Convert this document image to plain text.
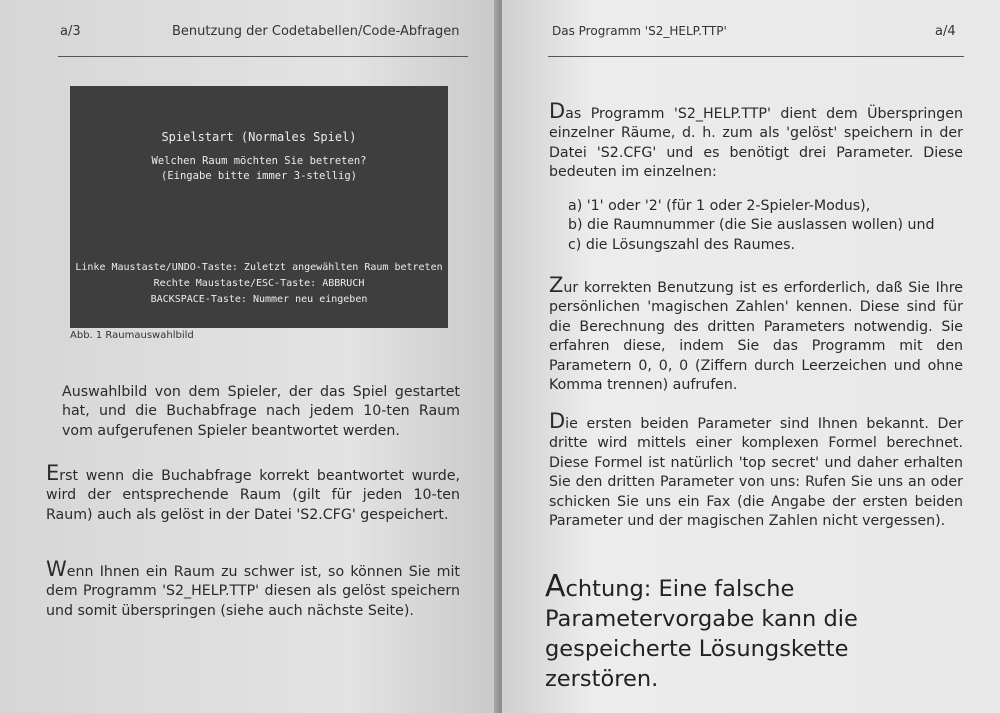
a/3	Benutzung der Codetabellen/Code-Abfragen
Spielstart (Normales Spiel)
Welchen Raum möchten Sie betreten?
(Eingabe bitte immer 3-stellig)
Linke Maustaste/UNDO-Taste: Zuletzt angewählten Raum betreten
Rechte Maustaste/ESC-Taste: ABBRUCH
BACKSPACE-Taste: Nummer neu eingeben
Abb. 1 Raumauswahlbild

Auswahlbild von dem Spieler, der das Spiel gestartet hat, und die Buchabfrage nach jedem 10-ten Raum vom aufgerufenen Spieler beantwortet werden.

Erst wenn die Buchabfrage korrekt beantwortet wurde, wird der entsprechende Raum (gilt für jeden 10-ten Raum) auch als gelöst in der Datei 'S2.CFG' gespeichert.

Wenn Ihnen ein Raum zu schwer ist, so können Sie mit dem Programm 'S2_HELP.TTP' diesen als gelöst speichern und somit überspringen (siehe auch nächste Seite).

Das Programm 'S2_HELP.TTP'	a/4

Das Programm 'S2_HELP.TTP' dient dem Überspringen einzelner Räume, d. h. zum als 'gelöst' speichern in der Datei 'S2.CFG' und es benötigt drei Parameter. Diese bedeuten im einzelnen:

a) '1' oder '2' (für 1 oder 2-Spieler-Modus),

b) die Raumnummer (die Sie auslassen wollen) und

c) die Lösungszahl des Raumes.

Zur korrekten Benutzung ist es erforderlich, daß Sie Ihre persönlichen 'magischen Zahlen' kennen. Diese sind für die Berechnung des dritten Parameters notwendig. Sie erfahren diese, indem Sie das Programm mit den Parametern 0, 0, 0 (Ziffern durch Leerzeichen und ohne Komma trennen) aufrufen.

Die ersten beiden Parameter sind Ihnen bekannt. Der dritte wird mittels einer komplexen Formel berechnet. Diese Formel ist natürlich 'top secret' und daher erhalten Sie den dritten Parameter von uns: Rufen Sie uns an oder schicken Sie uns ein Fax (die Angabe der ersten beiden Parameter und der magischen Zahlen nicht vergessen).

Achtung: Eine falsche Parametervorgabe kann die gespeicherte Lösungskette zerstören.
